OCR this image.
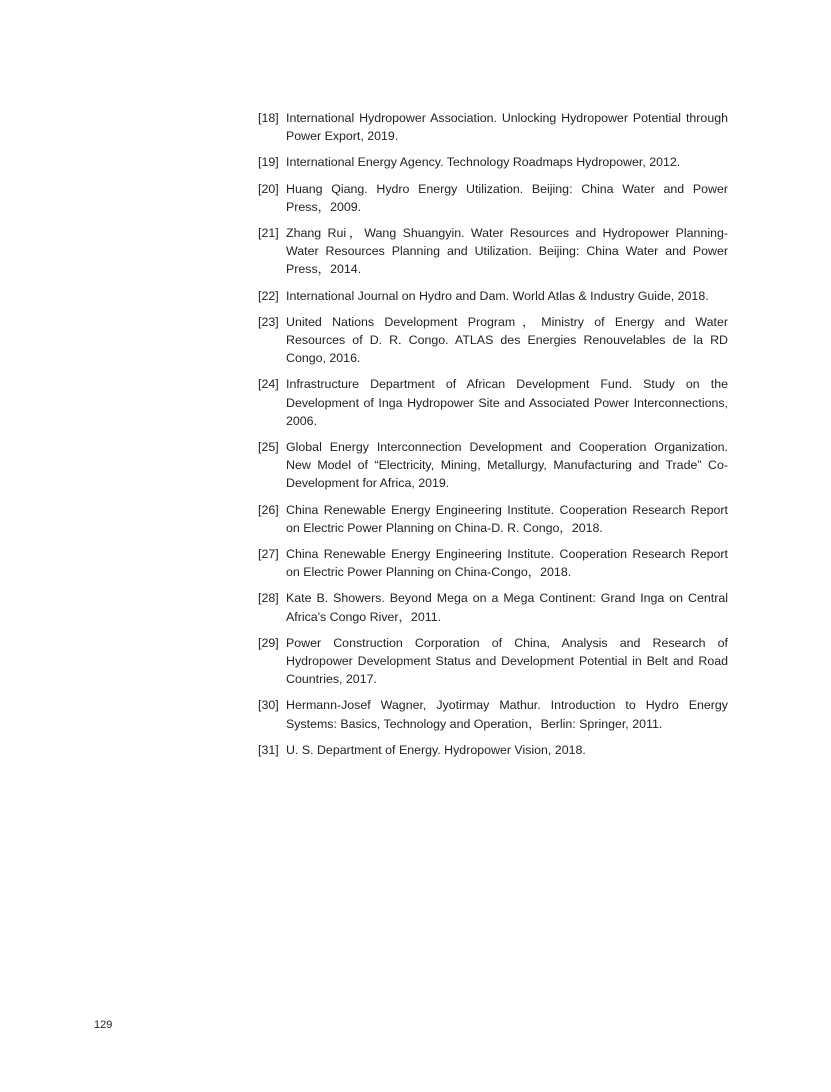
[18] International Hydropower Association. Unlocking Hydropower Potential through Power Export, 2019.
[19] International Energy Agency. Technology Roadmaps Hydropower, 2012.
[20] Huang Qiang. Hydro Energy Utilization. Beijing: China Water and Power Press，2009.
[21] Zhang Rui，Wang Shuangyin. Water Resources and Hydropower Planning-Water Resources Planning and Utilization. Beijing: China Water and Power Press，2014.
[22] International Journal on Hydro and Dam. World Atlas & Industry Guide, 2018.
[23] United Nations Development Program，Ministry of Energy and Water Resources of D. R. Congo. ATLAS des Energies Renouvelables de la RD Congo, 2016.
[24] Infrastructure Department of African Development Fund. Study on the Development of Inga Hydropower Site and Associated Power Interconnections, 2006.
[25] Global Energy Interconnection Development and Cooperation Organization. New Model of “Electricity, Mining, Metallurgy, Manufacturing and Trade” Co-Development for Africa, 2019.
[26] China Renewable Energy Engineering Institute. Cooperation Research Report on Electric Power Planning on China-D. R. Congo，2018.
[27] China Renewable Energy Engineering Institute. Cooperation Research Report on Electric Power Planning on China-Congo，2018.
[28] Kate B. Showers. Beyond Mega on a Mega Continent: Grand Inga on Central Africa's Congo River，2011.
[29] Power Construction Corporation of China, Analysis and Research of Hydropower Development Status and Development Potential in Belt and Road Countries, 2017.
[30] Hermann-Josef Wagner, Jyotirmay Mathur. Introduction to Hydro Energy Systems: Basics, Technology and Operation，Berlin: Springer, 2011.
[31] U. S. Department of Energy. Hydropower Vision, 2018.
129
